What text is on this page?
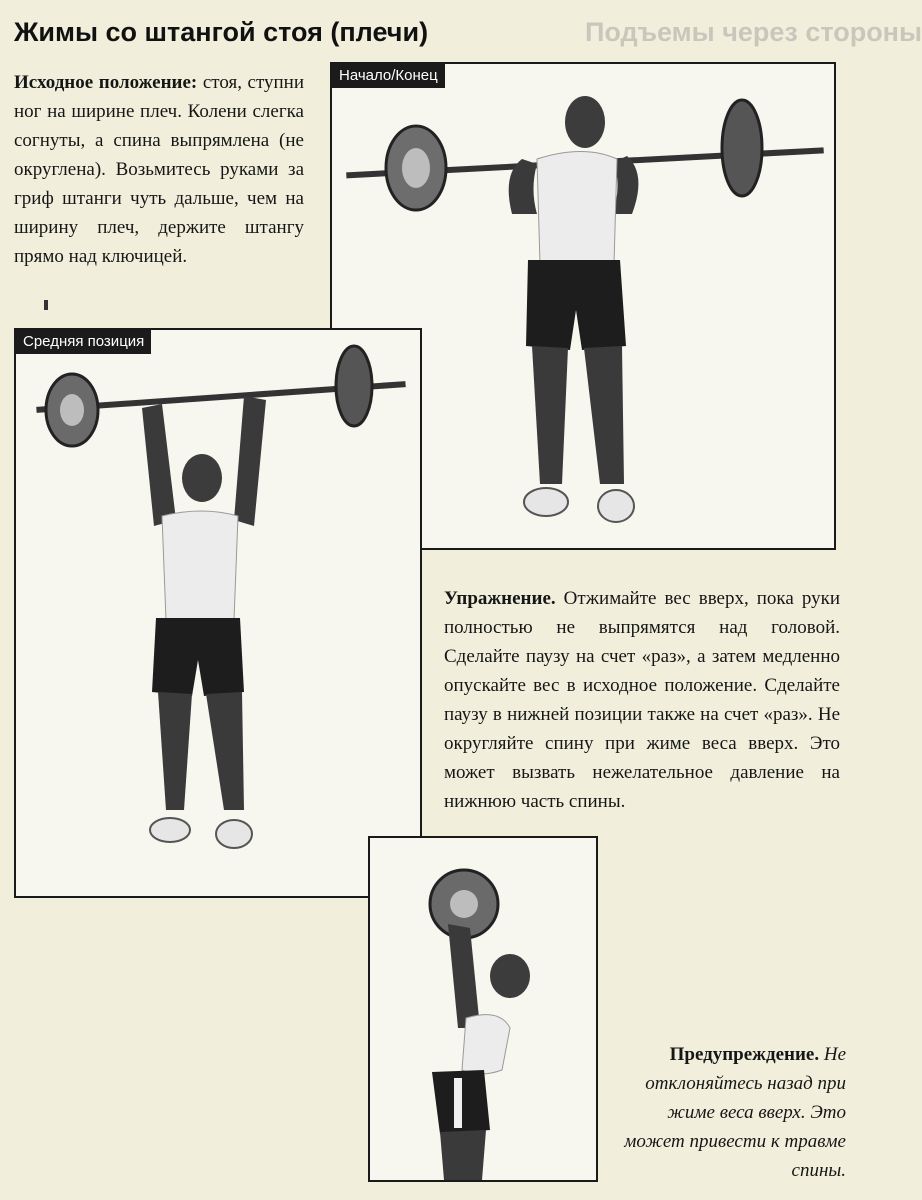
Жимы со штангой стоя (плечи)	Подъемы через стороны
Исходное положение: стоя, ступни ног на ширине плеч. Колени слегка согнуты, а спина выпрямлена (не округлена). Возьмитесь руками за гриф штанги чуть дальше, чем на ширину плеч, держите штангу прямо над ключицей.
Начало/Конец
Средняя позиция
Упражнение. Отжимайте вес вверх, пока руки полностью не выпрямятся над головой. Сделайте паузу на счет «раз», а затем медленно опускайте вес в исходное положение. Сделайте паузу в нижней позиции также на счет «раз». Не округляйте спину при жиме веса вверх. Это может вызвать нежелательное давление на нижнюю часть спины.
Предупреждение. Не отклоняйтесь назад при жиме веса вверх. Это может привести к травме спины.
